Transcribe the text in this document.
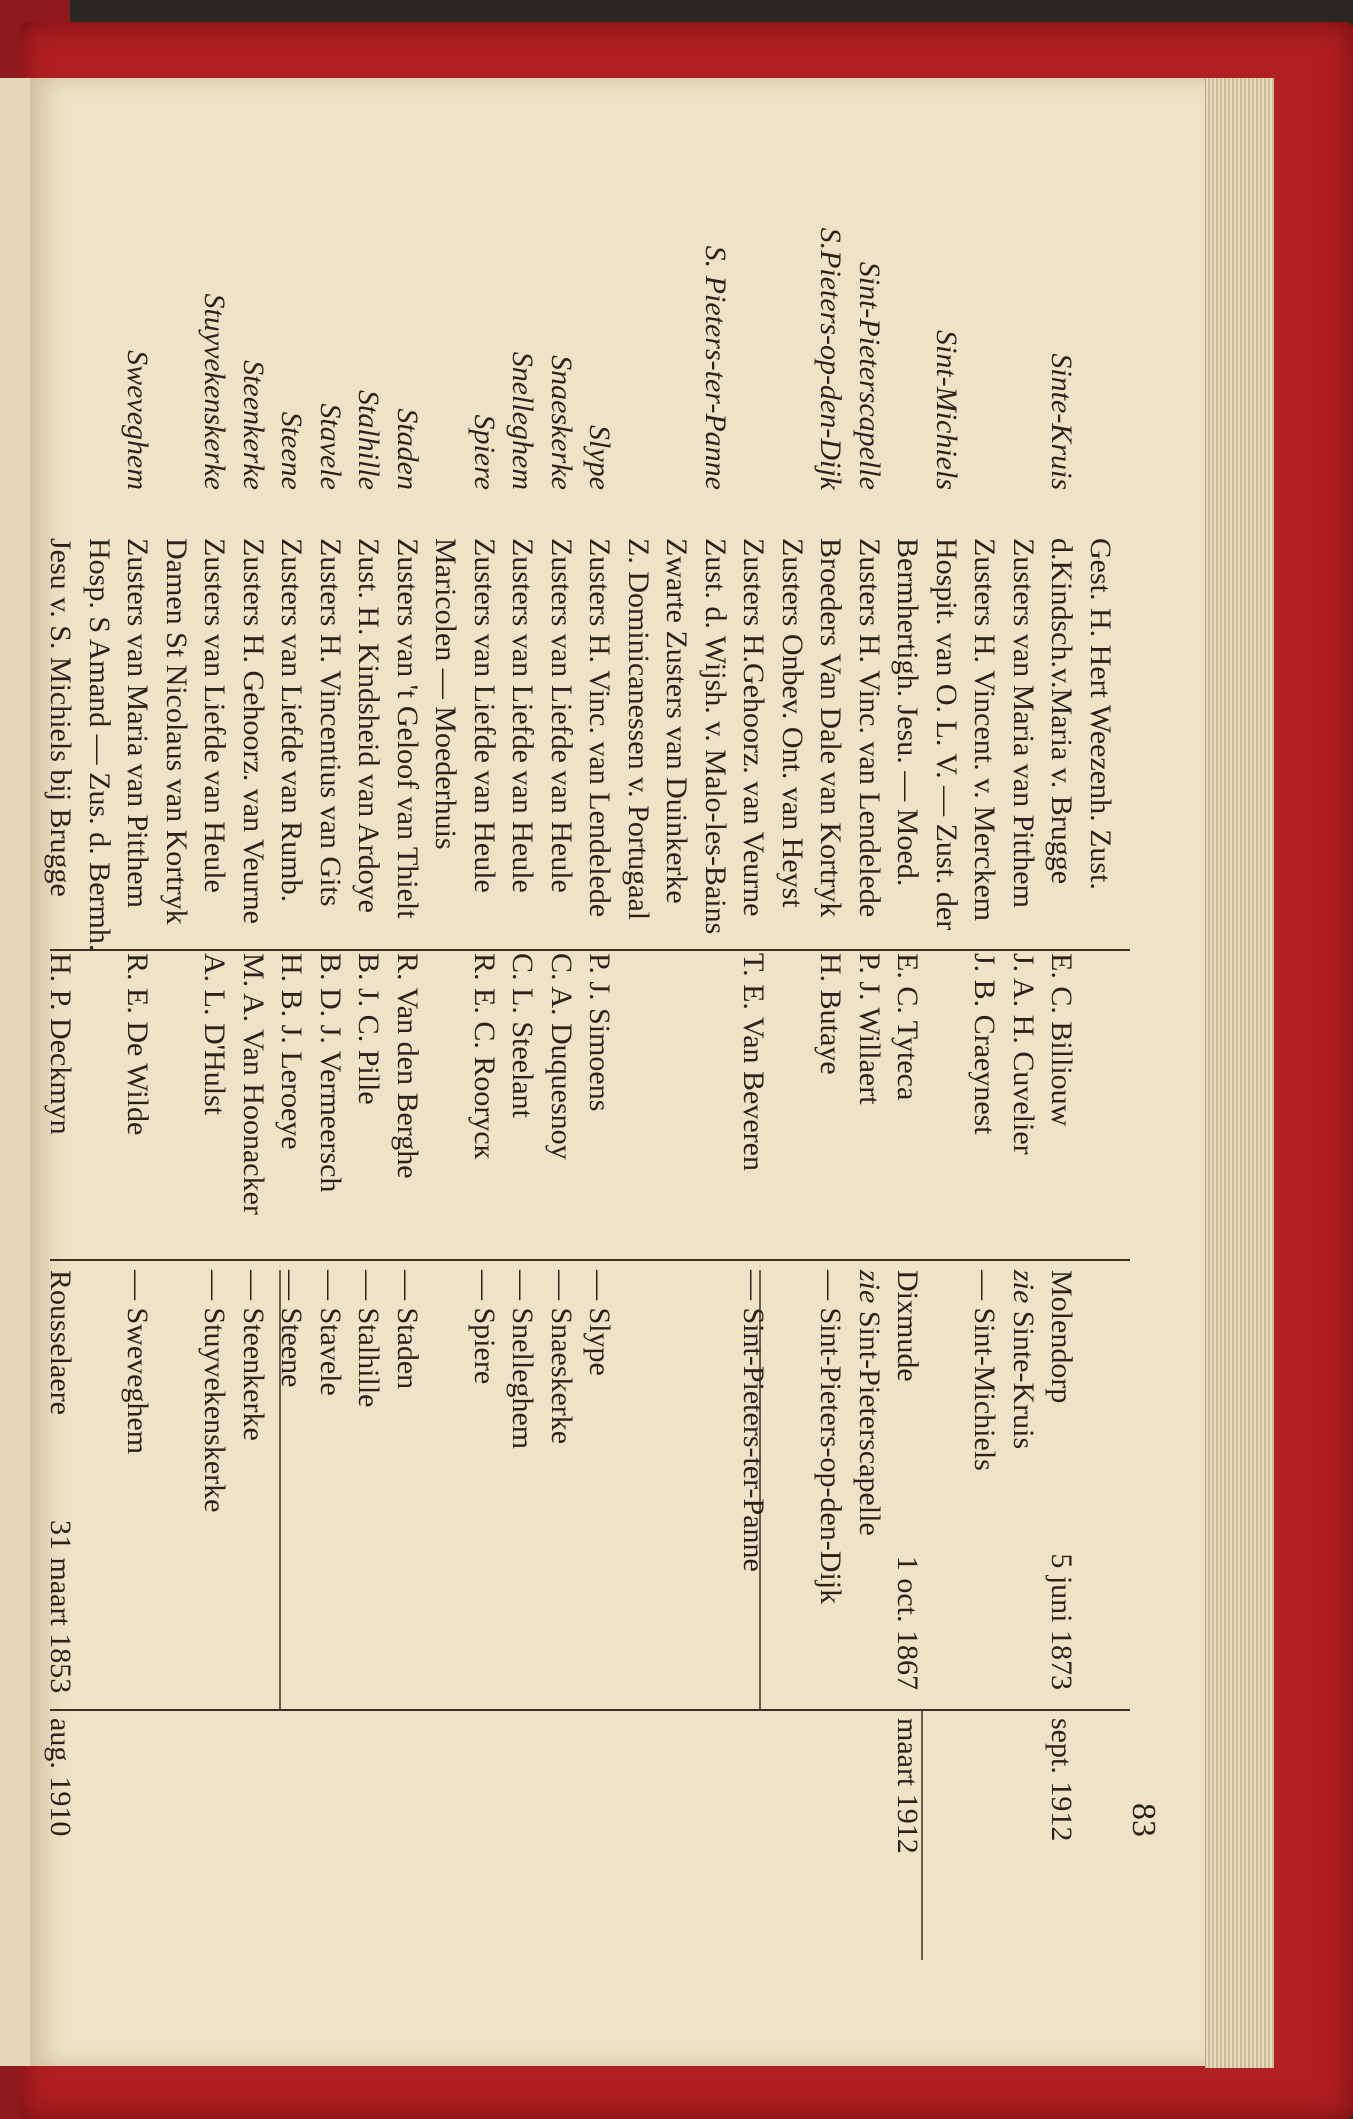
83
Gest. H. Hert Weezenh. Zust.
Sinte-Kruis
d.Kindsch.v.Maria v. Brugge
E. C. Billiouw
Molendorp
5 juni 1873
sept. 1912
Zusters van Maria van Pitthem
J. A. H. Cuvelier
zie Sinte-Kruis
Zusters H. Vincent. v. Merckem
J. B. Craeynest
— Sint-Michiels
Sint-Michiels
Hospit. van O. L. V. — Zust. der
Bermhertigh. Jesu. — Moed.
E. C. Tyteca
Dixmude
1 oct. 1867
maart 1912
Sint-Pieterscapelle
Zusters H. Vinc. van Lendelede
P. J. Willaert
zie Sint-Pieterscapelle
S.Pieters-op-den-Dijk
Broeders Van Dale van Kortryk
H. Butaye
— Sint-Pieters-op-den-Dijk
Zusters Onbev. Ont. van Heyst
Zusters H.Gehoorz. van Veurne
T. E. Van Beveren
— Sint-Pieters-ter-Panne
S. Pieters-ter-Panne
Zust. d. Wijsh. v. Malo-les-Bains
Zwarte Zusters van Duinkerke
Z. Dominicanessen v. Portugaal
Slype
Zusters H. Vinc. van Lendelede
P. J. Simoens
— Slype
Snaeskerke
Zusters van Liefde van Heule
C. A. Duquesnoy
— Snaeskerke
Snelleghem
Zusters van Liefde van Heule
C. L. Steelant
— Snelleghem
Spiere
Zusters van Liefde van Heule
R. E. C. Roorycк
— Spiere
Maricolen — Moederhuis
Staden
Zusters van 't Geloof van Thielt
R. Van den Berghe
— Staden
Stalhille
Zust. H. Kindsheid van Ardoye
B. J. C. Pille
— Stalhille
Stavele
Zusters H. Vincentius van Gits
B. D. J. Vermeersch
— Stavele
Steene
Zusters van Liefde van Rumb.
H. B. J. Leroeye
— Steene
Steenkerke
Zusters H. Gehoorz. van Veurne
M. A. Van Hoonacker
— Steenkerke
Stuyvekenskerke
Zusters van Liefde van Heule
A. L. D'Hulst
— Stuyvekenskerke
Damen St Nicolaus van Kortryk
Sweveghem
Zusters van Maria van Pitthem
R. E. De Wilde
— Sweveghem
Hosp. S Amand — Zus. d. Bermh.
Jesu v. S. Michiels bij Brugge
H. P. Deckmyn
Rousselaere
31 maart 1853
aug. 1910
